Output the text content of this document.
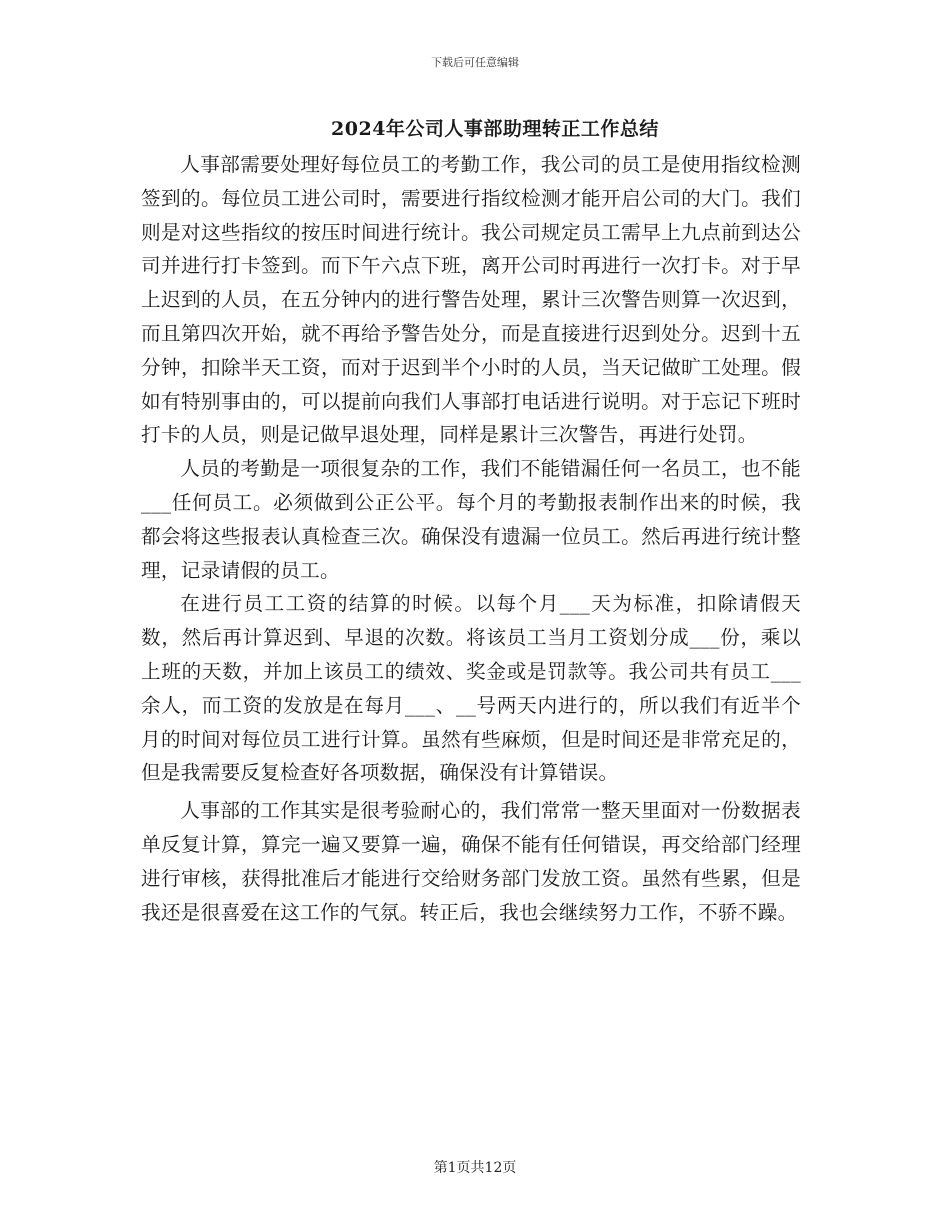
下载后可任意编辑
2024年公司人事部助理转正工作总结

人事部需要处理好每位员工的考勤工作，我公司的员工是使用指纹检测签到的。每位员工进公司时，需要进行指纹检测才能开启公司的大门。我们则是对这些指纹的按压时间进行统计。我公司规定员工需早上九点前到达公司并进行打卡签到。而下午六点下班，离开公司时再进行一次打卡。对于早上迟到的人员，在五分钟内的进行警告处理，累计三次警告则算一次迟到，而且第四次开始，就不再给予警告处分，而是直接进行迟到处分。迟到十五分钟，扣除半天工资，而对于迟到半个小时的人员，当天记做旷工处理。假如有特别事由的，可以提前向我们人事部打电话进行说明。对于忘记下班时打卡的人员，则是记做早退处理，同样是累计三次警告，再进行处罚。

人员的考勤是一项很复杂的工作，我们不能错漏任何一名员工，也不能___任何员工。必须做到公正公平。每个月的考勤报表制作出来的时候，我都会将这些报表认真检查三次。确保没有遗漏一位员工。然后再进行统计整理，记录请假的员工。

在进行员工工资的结算的时候。以每个月___天为标准，扣除请假天数，然后再计算迟到、早退的次数。将该员工当月工资划分成___份，乘以上班的天数，并加上该员工的绩效、奖金或是罚款等。我公司共有员工___余人，而工资的发放是在每月___、__号两天内进行的，所以我们有近半个月的时间对每位员工进行计算。虽然有些麻烦，但是时间还是非常充足的，但是我需要反复检查好各项数据，确保没有计算错误。

人事部的工作其实是很考验耐心的，我们常常一整天里面对一份数据表单反复计算，算完一遍又要算一遍，确保不能有任何错误，再交给部门经理进行审核，获得批准后才能进行交给财务部门发放工资。虽然有些累，但是我还是很喜爱在这工作的气氛。转正后，我也会继续努力工作，不骄不躁。

第1页共12页
